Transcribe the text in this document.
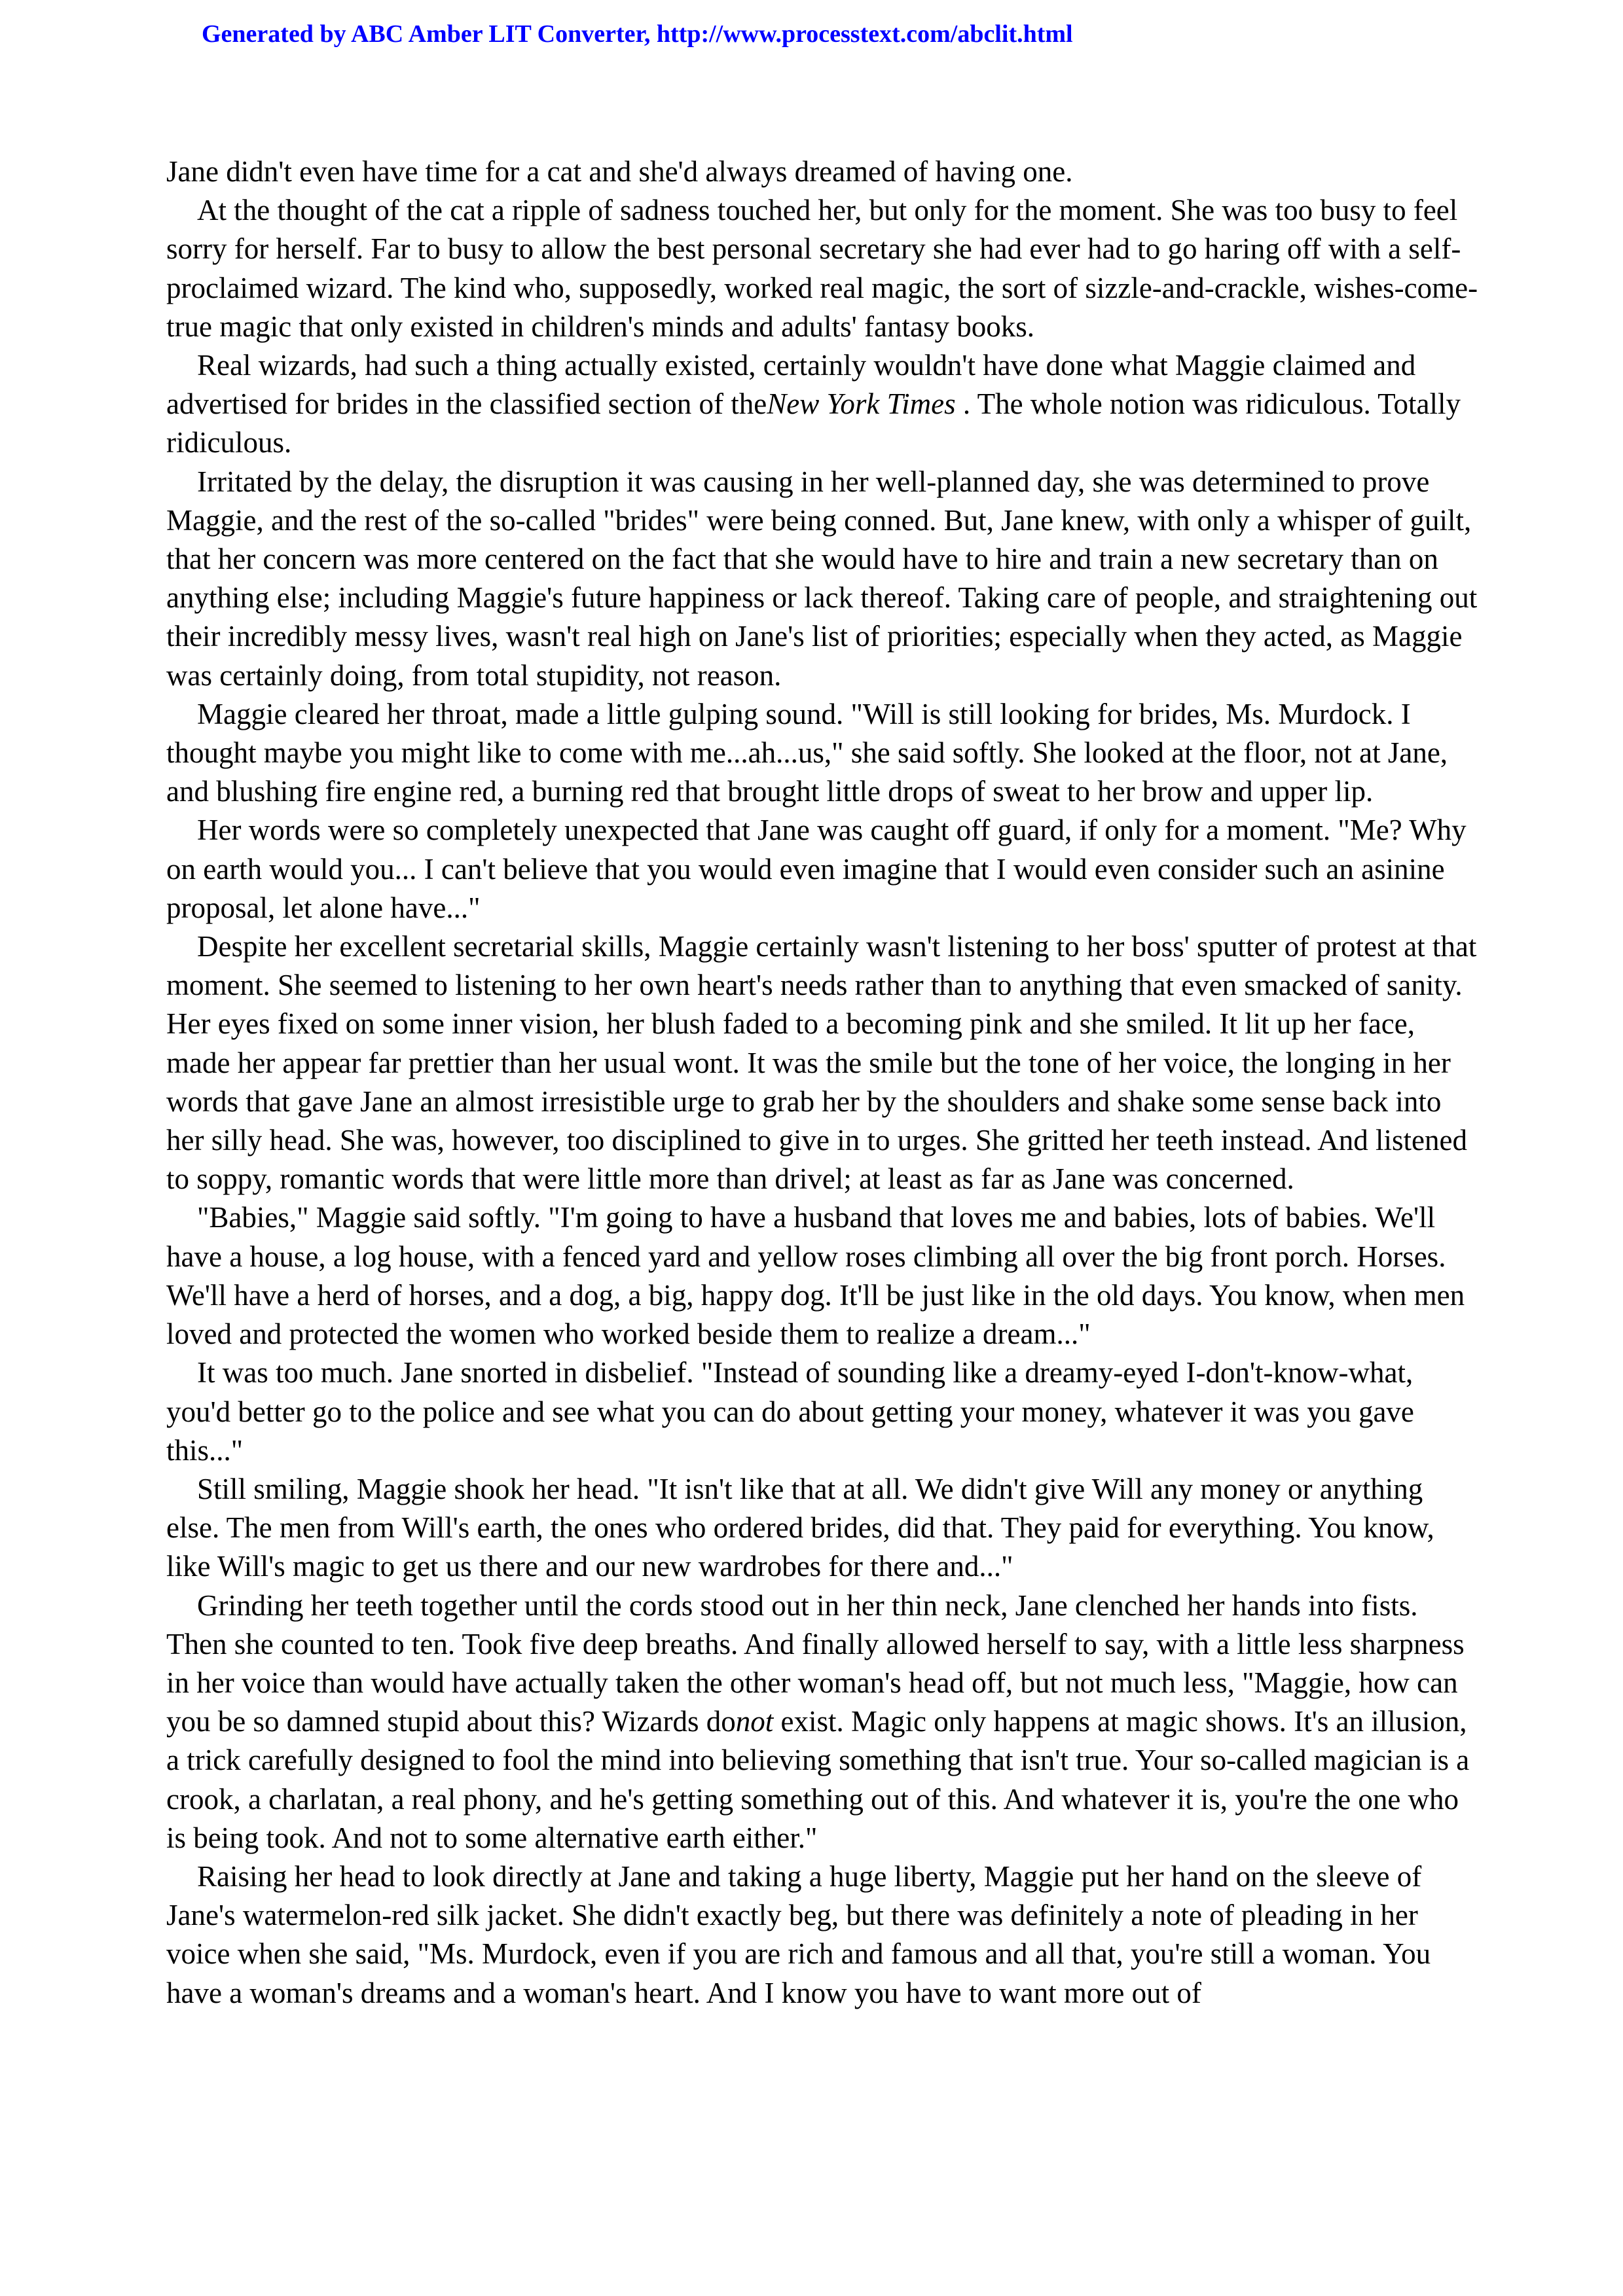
Generated by ABC Amber LIT Converter, http://www.processtext.com/abclit.html

Jane didn't even have time for a cat and she'd always dreamed of having one.

At the thought of the cat a ripple of sadness touched her, but only for the moment. She was too busy to feel sorry for herself. Far to busy to allow the best personal secretary she had ever had to go haring off with a self-proclaimed wizard. The kind who, supposedly, worked real magic, the sort of sizzle-and-crackle, wishes-come-true magic that only existed in children's minds and adults' fantasy books.

Real wizards, had such a thing actually existed, certainly wouldn't have done what Maggie claimed and advertised for brides in the classified section of theNew York Times . The whole notion was ridiculous. Totally ridiculous.

Irritated by the delay, the disruption it was causing in her well-planned day, she was determined to prove Maggie, and the rest of the so-called "brides" were being conned. But, Jane knew, with only a whisper of guilt, that her concern was more centered on the fact that she would have to hire and train a new secretary than on anything else; including Maggie's future happiness or lack thereof. Taking care of people, and straightening out their incredibly messy lives, wasn't real high on Jane's list of priorities; especially when they acted, as Maggie was certainly doing, from total stupidity, not reason.

Maggie cleared her throat, made a little gulping sound. "Will is still looking for brides, Ms. Murdock. I thought maybe you might like to come with me...ah...us," she said softly. She looked at the floor, not at Jane, and blushing fire engine red, a burning red that brought little drops of sweat to her brow and upper lip.

Her words were so completely unexpected that Jane was caught off guard, if only for a moment. "Me? Why on earth would you... I can't believe that you would even imagine that I would even consider such an asinine proposal, let alone have..."

Despite her excellent secretarial skills, Maggie certainly wasn't listening to her boss' sputter of protest at that moment. She seemed to listening to her own heart's needs rather than to anything that even smacked of sanity. Her eyes fixed on some inner vision, her blush faded to a becoming pink and she smiled. It lit up her face, made her appear far prettier than her usual wont. It was the smile but the tone of her voice, the longing in her words that gave Jane an almost irresistible urge to grab her by the shoulders and shake some sense back into her silly head. She was, however, too disciplined to give in to urges. She gritted her teeth instead. And listened to soppy, romantic words that were little more than drivel; at least as far as Jane was concerned.

"Babies," Maggie said softly. "I'm going to have a husband that loves me and babies, lots of babies. We'll have a house, a log house, with a fenced yard and yellow roses climbing all over the big front porch. Horses. We'll have a herd of horses, and a dog, a big, happy dog. It'll be just like in the old days. You know, when men loved and protected the women who worked beside them to realize a dream..."

It was too much. Jane snorted in disbelief. "Instead of sounding like a dreamy-eyed I-don't-know-what, you'd better go to the police and see what you can do about getting your money, whatever it was you gave this..."

Still smiling, Maggie shook her head. "It isn't like that at all. We didn't give Will any money or anything else. The men from Will's earth, the ones who ordered brides, did that. They paid for everything. You know, like Will's magic to get us there and our new wardrobes for there and..."

Grinding her teeth together until the cords stood out in her thin neck, Jane clenched her hands into fists. Then she counted to ten. Took five deep breaths. And finally allowed herself to say, with a little less sharpness in her voice than would have actually taken the other woman's head off, but not much less, "Maggie, how can you be so damned stupid about this? Wizards donot exist. Magic only happens at magic shows. It's an illusion, a trick carefully designed to fool the mind into believing something that isn't true. Your so-called magician is a crook, a charlatan, a real phony, and he's getting something out of this. And whatever it is, you're the one who is being took. And not to some alternative earth either."

Raising her head to look directly at Jane and taking a huge liberty, Maggie put her hand on the sleeve of Jane's watermelon-red silk jacket. She didn't exactly beg, but there was definitely a note of pleading in her voice when she said, "Ms. Murdock, even if you are rich and famous and all that, you're still a woman. You have a woman's dreams and a woman's heart. And I know you have to want more out of
